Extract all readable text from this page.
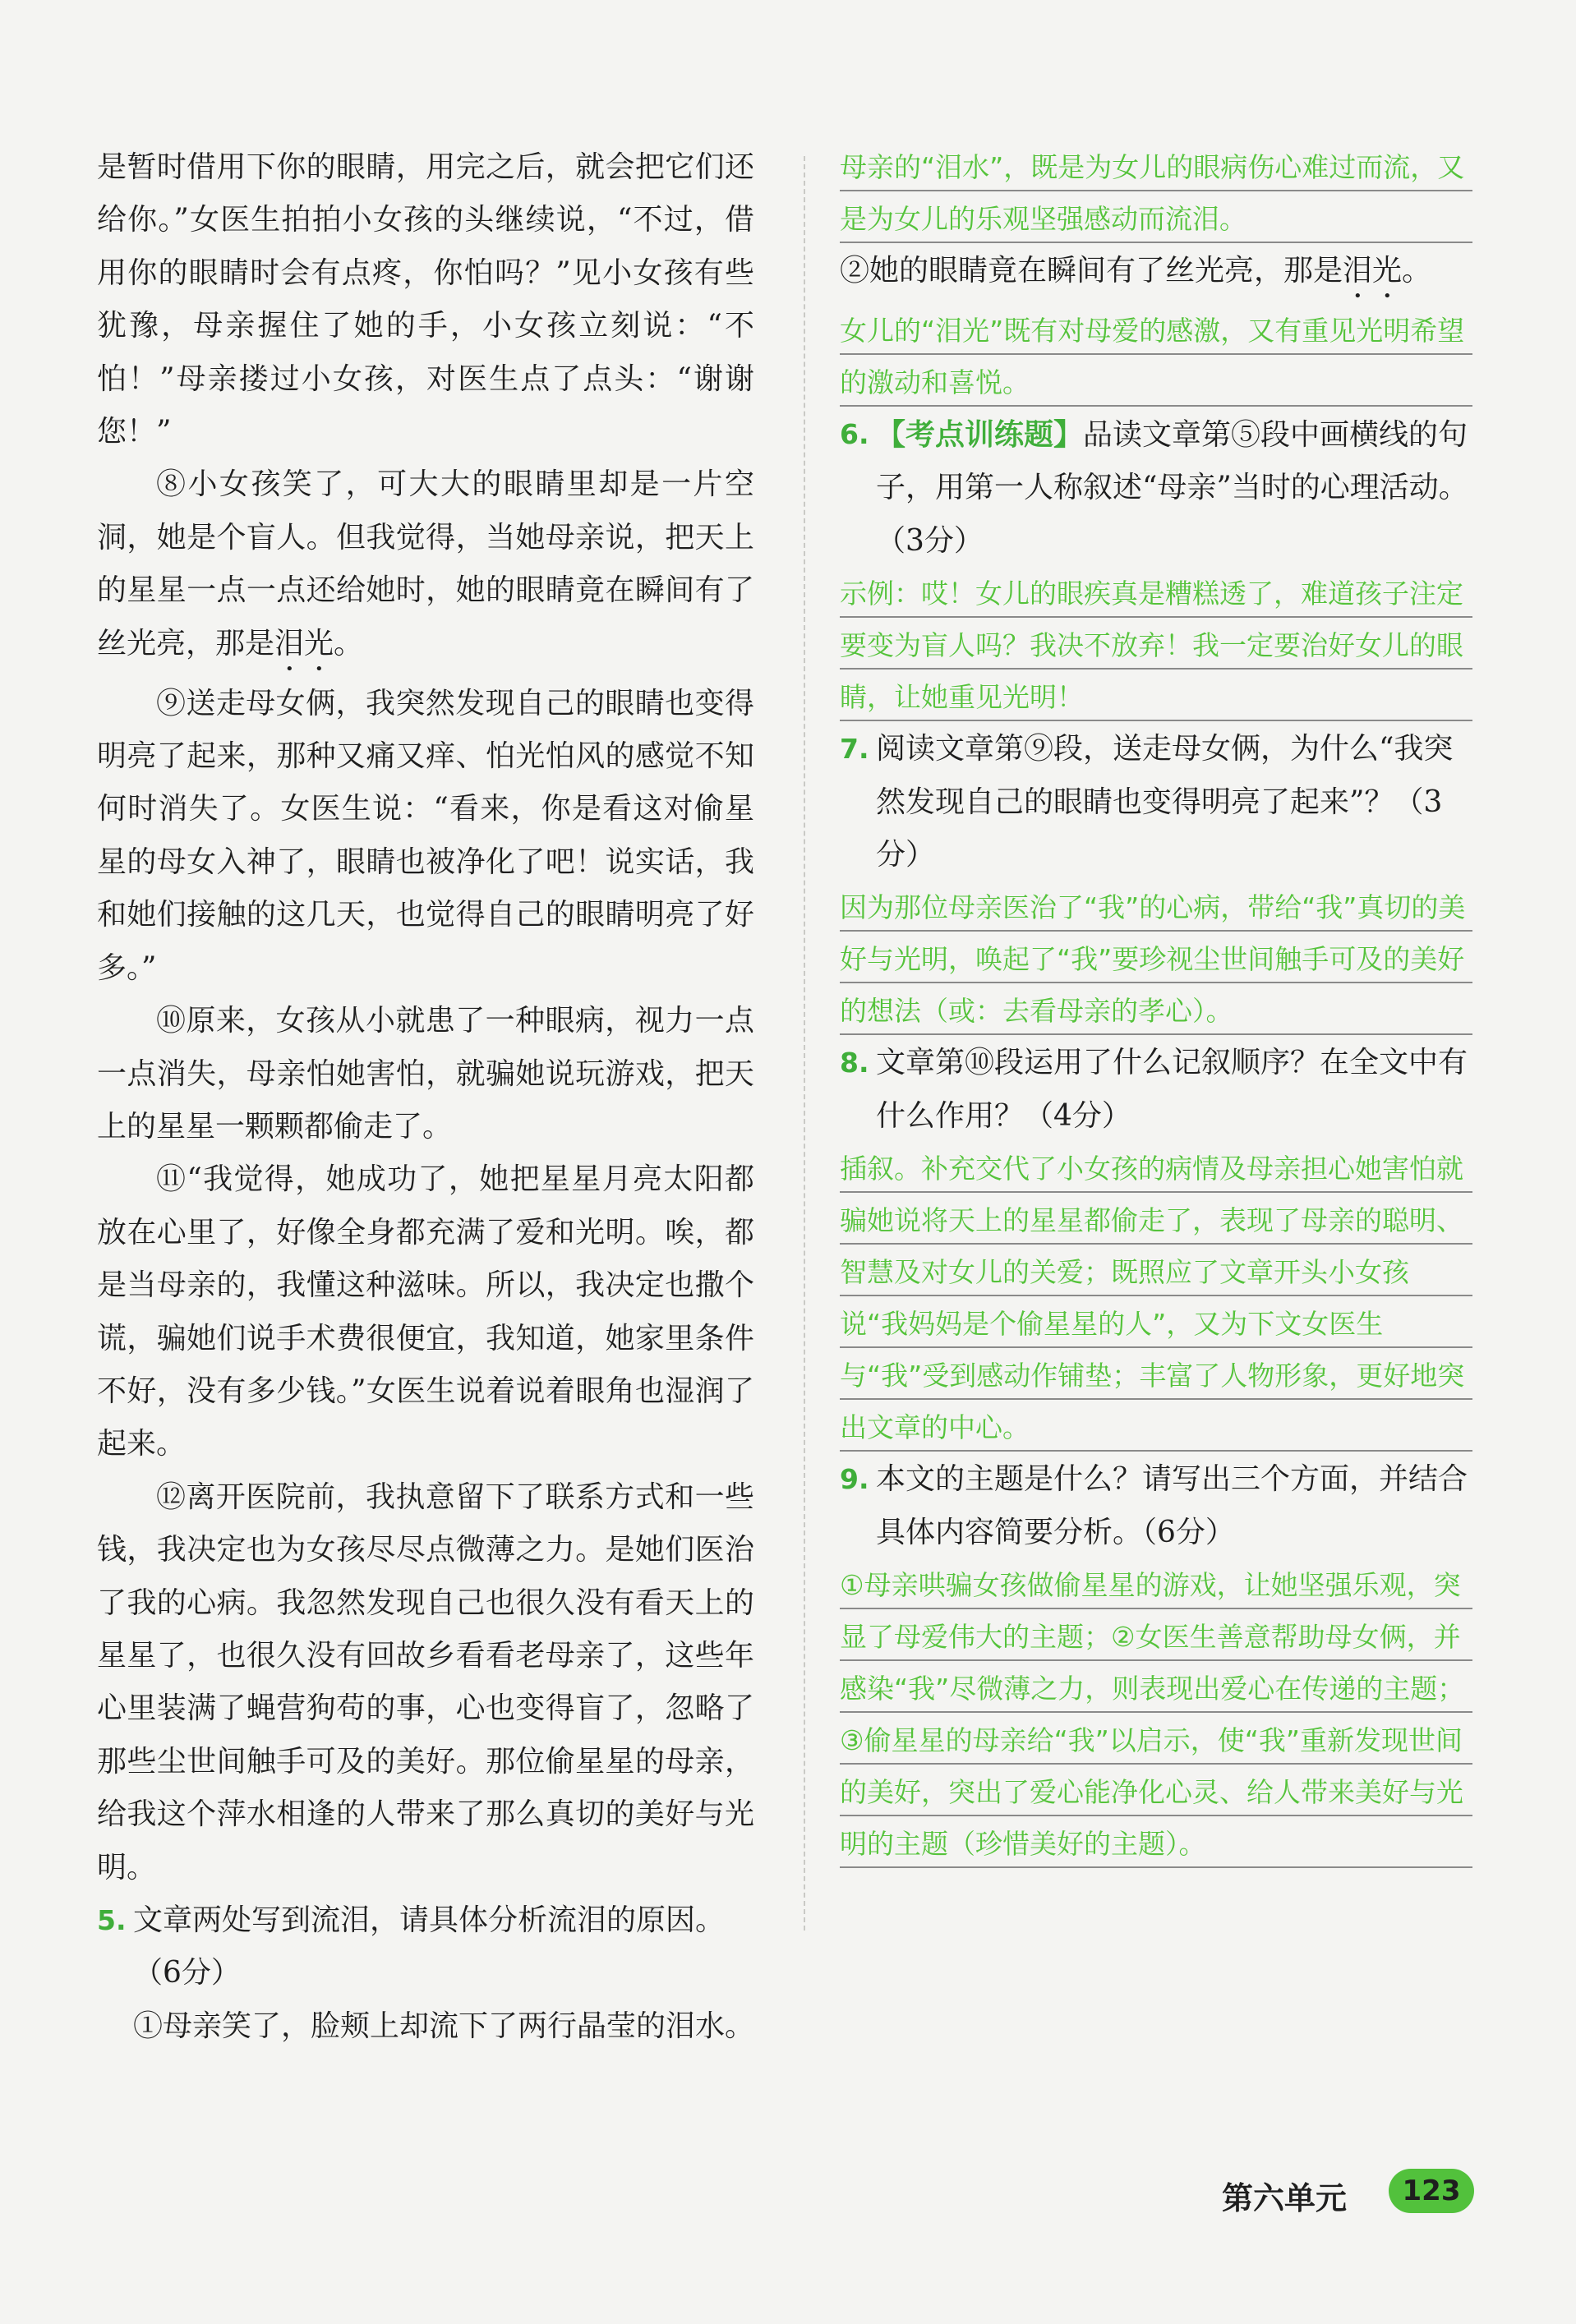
是暂时借用下你的眼睛，用完之后，就会把它们还给你。”女医生拍拍小女孩的头继续说，“不过，借用你的眼睛时会有点疼，你怕吗？”见小女孩有些犹豫，母亲握住了她的手，小女孩立刻说：“不怕！”母亲搂过小女孩，对医生点了点头：“谢谢您！”

⑧小女孩笑了，可大大的眼睛里却是一片空洞，她是个盲人。但我觉得，当她母亲说，把天上的星星一点一点还给她时，她的眼睛竟在瞬间有了丝光亮，那是泪光。

⑨送走母女俩，我突然发现自己的眼睛也变得明亮了起来，那种又痛又痒、怕光怕风的感觉不知何时消失了。女医生说：“看来，你是看这对偷星星的母女入神了，眼睛也被净化了吧！说实话，我和她们接触的这几天，也觉得自己的眼睛明亮了好多。”

⑩原来，女孩从小就患了一种眼病，视力一点一点消失，母亲怕她害怕，就骗她说玩游戏，把天上的星星一颗颗都偷走了。

⑪“我觉得，她成功了，她把星星月亮太阳都放在心里了，好像全身都充满了爱和光明。唉，都是当母亲的，我懂这种滋味。所以，我决定也撒个谎，骗她们说手术费很便宜，我知道，她家里条件不好，没有多少钱。”女医生说着说着眼角也湿润了起来。

⑫离开医院前，我执意留下了联系方式和一些钱，我决定也为女孩尽尽点微薄之力。是她们医治了我的心病。我忽然发现自己也很久没有看天上的星星了，也很久没有回故乡看看老母亲了，这些年心里装满了蝇营狗苟的事，心也变得盲了，忽略了那些尘世间触手可及的美好。那位偷星星的母亲，给我这个萍水相逢的人带来了那么真切的美好与光明。

5. 文章两处写到流泪，请具体分析流泪的原因。（6分）

①母亲笑了，脸颊上却流下了两行晶莹的泪水。

母亲的“泪水”，既是为女儿的眼病伤心难过而流，又是为女儿的乐观坚强感动而流泪。

②她的眼睛竟在瞬间有了丝光亮，那是泪光。

女儿的“泪光”既有对母爱的感激，又有重见光明希望的激动和喜悦。

6. 【考点训练题】品读文章第⑤段中画横线的句子，用第一人称叙述“母亲”当时的心理活动。（3分）

示例：哎！女儿的眼疾真是糟糕透了，难道孩子注定要变为盲人吗？我决不放弃！我一定要治好女儿的眼睛，让她重见光明！

7. 阅读文章第⑨段，送走母女俩，为什么“我突然发现自己的眼睛也变得明亮了起来”？（3分）

因为那位母亲医治了“我”的心病，带给“我”真切的美好与光明，唤起了“我”要珍视尘世间触手可及的美好的想法（或：去看母亲的孝心）。

8. 文章第⑩段运用了什么记叙顺序？在全文中有什么作用？（4分）

插叙。补充交代了小女孩的病情及母亲担心她害怕就骗她说将天上的星星都偷走了，表现了母亲的聪明、智慧及对女儿的关爱；既照应了文章开头小女孩说“我妈妈是个偷星星的人”，又为下文女医生与“我”受到感动作铺垫；丰富了人物形象，更好地突出文章的中心。

9. 本文的主题是什么？请写出三个方面，并结合具体内容简要分析。（6分）

①母亲哄骗女孩做偷星星的游戏，让她坚强乐观，突显了母爱伟大的主题；②女医生善意帮助母女俩，并感染“我”尽微薄之力，则表现出爱心在传递的主题；③偷星星的母亲给“我”以启示，使“我”重新发现世间的美好，突出了爱心能净化心灵、给人带来美好与光明的主题（珍惜美好的主题）。

第六单元	123
